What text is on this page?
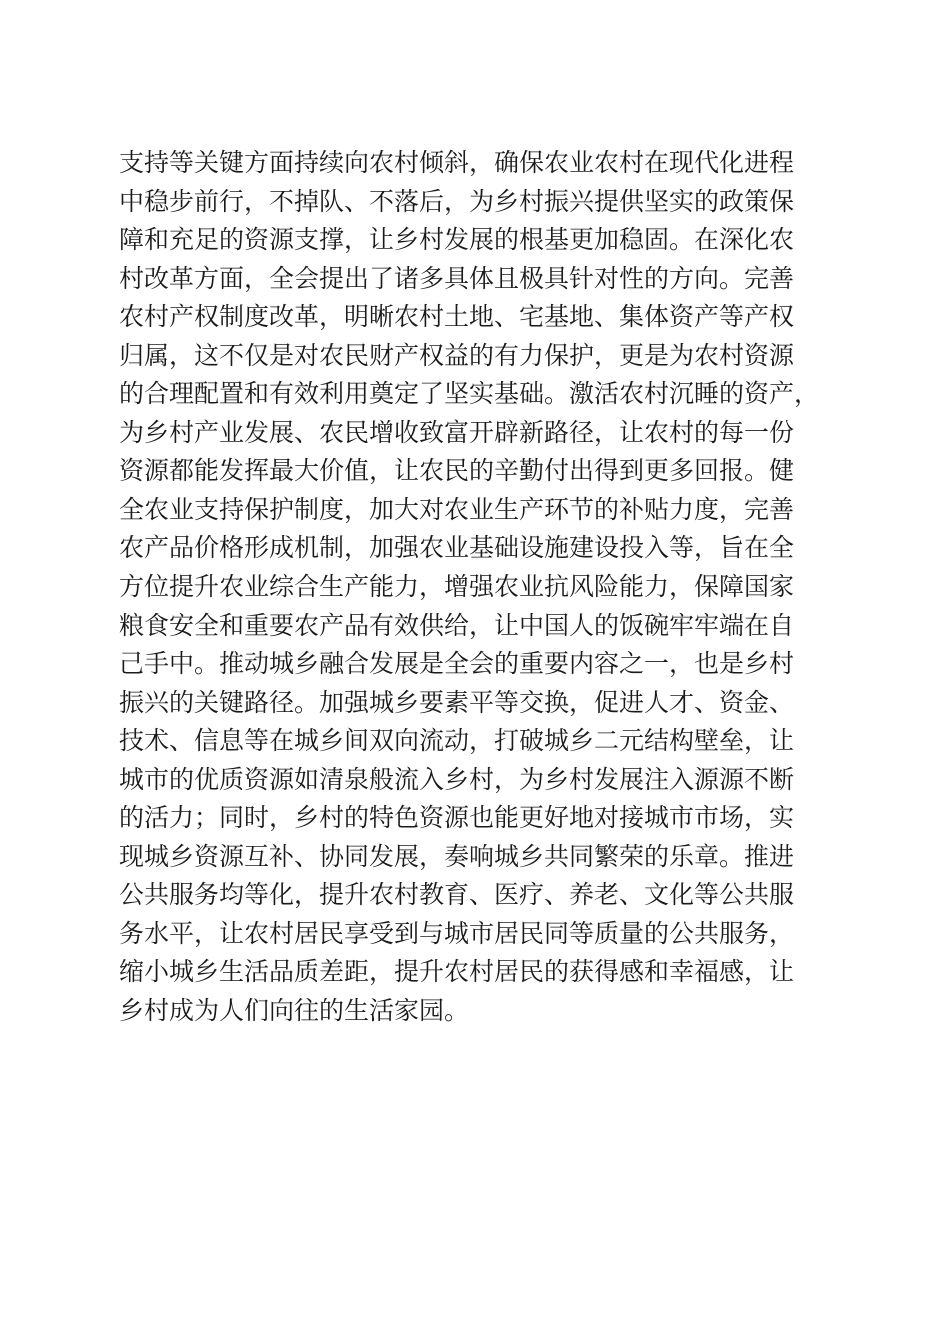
支持等关键方面持续向农村倾斜，确保农业农村在现代化进程
中稳步前行，不掉队、不落后，为乡村振兴提供坚实的政策保
障和充足的资源支撑，让乡村发展的根基更加稳固。在深化农
村改革方面，全会提出了诸多具体且极具针对性的方向。完善
农村产权制度改革，明晰农村土地、宅基地、集体资产等产权
归属，这不仅是对农民财产权益的有力保护，更是为农村资源
的合理配置和有效利用奠定了坚实基础。激活农村沉睡的资产，
为乡村产业发展、农民增收致富开辟新路径，让农村的每一份
资源都能发挥最大价值，让农民的辛勤付出得到更多回报。健
全农业支持保护制度，加大对农业生产环节的补贴力度，完善
农产品价格形成机制，加强农业基础设施建设投入等，旨在全
方位提升农业综合生产能力，增强农业抗风险能力，保障国家
粮食安全和重要农产品有效供给，让中国人的饭碗牢牢端在自
己手中。推动城乡融合发展是全会的重要内容之一，也是乡村
振兴的关键路径。加强城乡要素平等交换，促进人才、资金、
技术、信息等在城乡间双向流动，打破城乡二元结构壁垒，让
城市的优质资源如清泉般流入乡村，为乡村发展注入源源不断
的活力；同时，乡村的特色资源也能更好地对接城市市场，实
现城乡资源互补、协同发展，奏响城乡共同繁荣的乐章。推进
公共服务均等化，提升农村教育、医疗、养老、文化等公共服
务水平，让农村居民享受到与城市居民同等质量的公共服务，
缩小城乡生活品质差距，提升农村居民的获得感和幸福感，让
乡村成为人们向往的生活家园。
